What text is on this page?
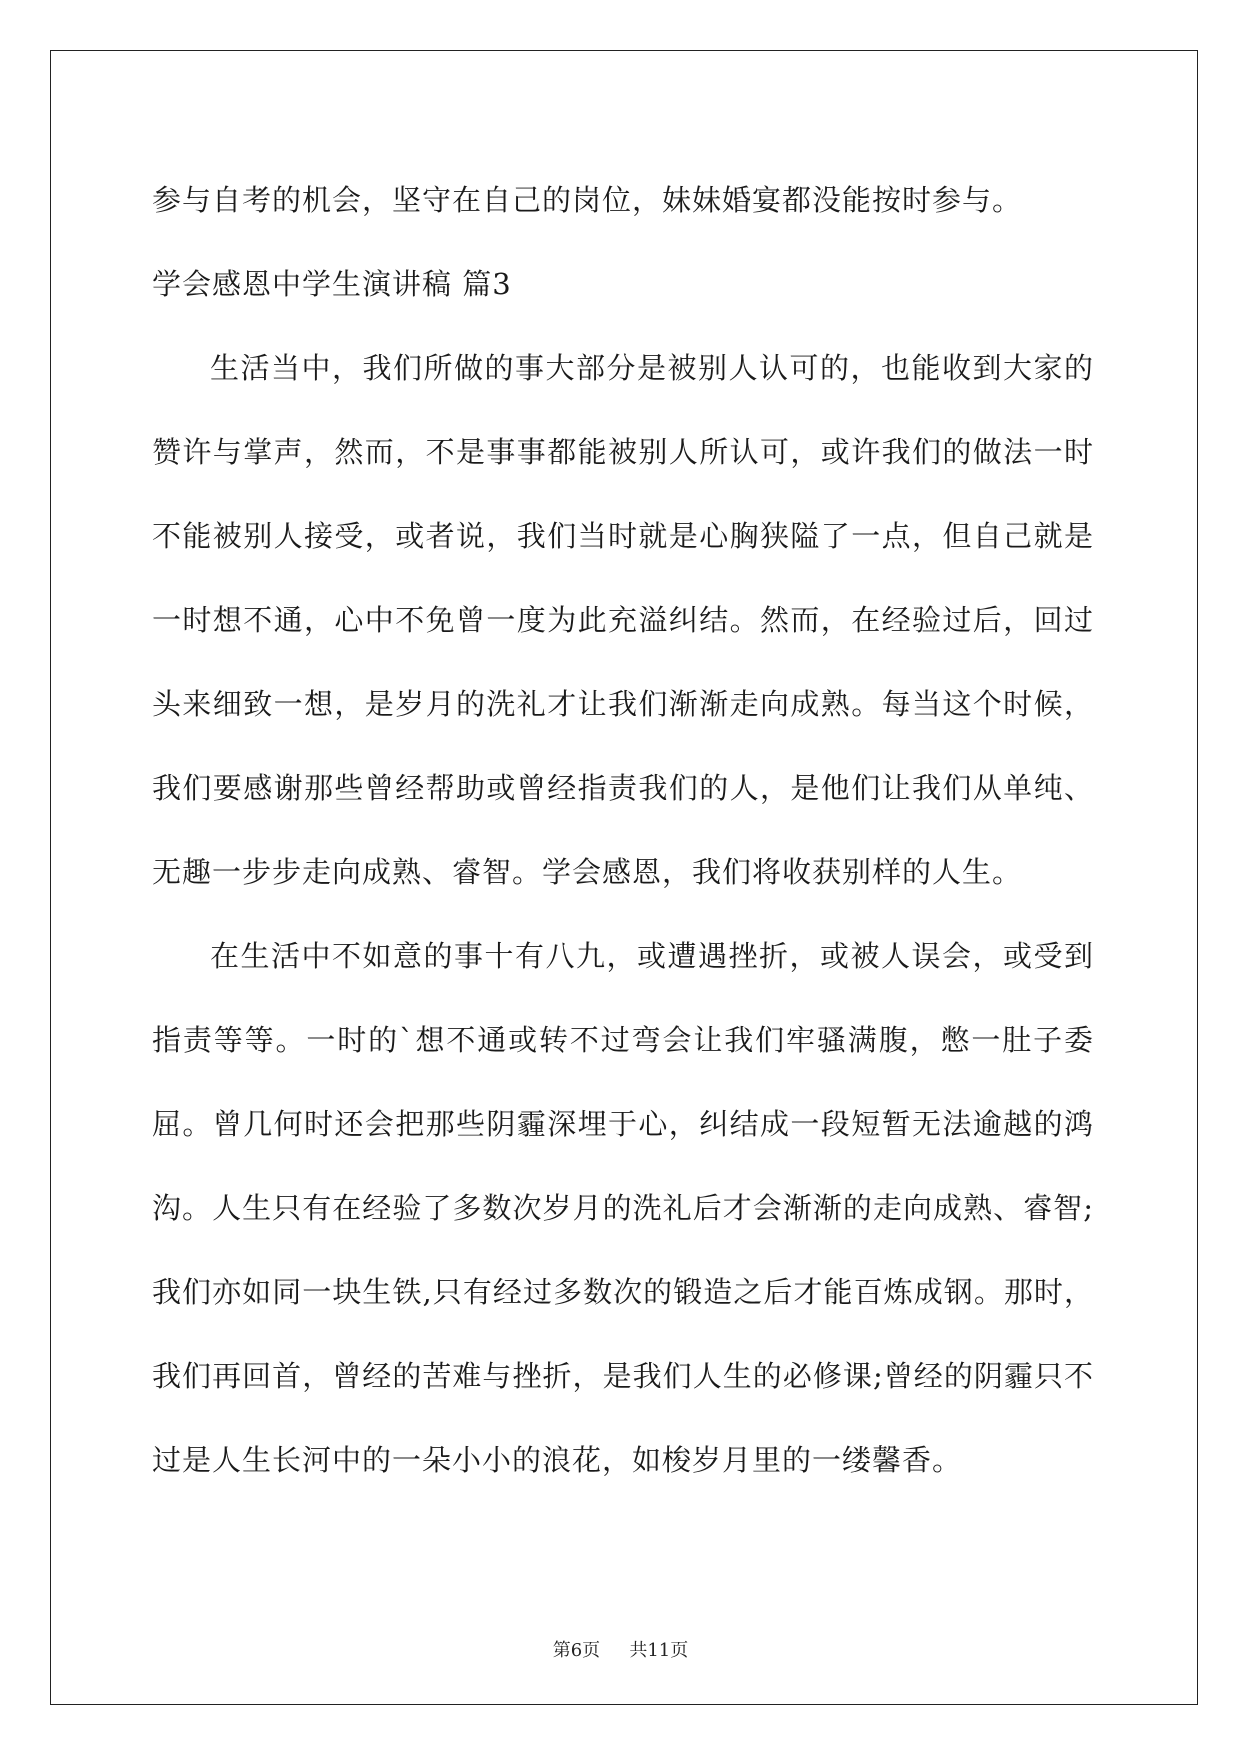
参与自考的机会，坚守在自己的岗位，妹妹婚宴都没能按时参与。
学会感恩中学生演讲稿 篇3

生活当中，我们所做的事大部分是被别人认可的，也能收到大家的赞许与掌声，然而，不是事事都能被别人所认可，或许我们的做法一时不能被别人接受，或者说，我们当时就是心胸狭隘了一点，但自己就是一时想不通，心中不免曾一度为此充溢纠结。然而，在经验过后，回过头来细致一想，是岁月的洗礼才让我们渐渐走向成熟。每当这个时候，我们要感谢那些曾经帮助或曾经指责我们的人，是他们让我们从单纯、无趣一步步走向成熟、睿智。学会感恩，我们将收获别样的人生。

在生活中不如意的事十有八九，或遭遇挫折，或被人误会，或受到指责等等。一时的`想不通或转不过弯会让我们牢骚满腹，憋一肚子委屈。曾几何时还会把那些阴霾深埋于心，纠结成一段短暂无法逾越的鸿沟。人生只有在经验了多数次岁月的洗礼后才会渐渐的走向成熟、睿智;我们亦如同一块生铁,只有经过多数次的锻造之后才能百炼成钢。那时，我们再回首，曾经的苦难与挫折，是我们人生的必修课;曾经的阴霾只不过是人生长河中的一朵小小的浪花，如梭岁月里的一缕馨香。

第6页 共11页
